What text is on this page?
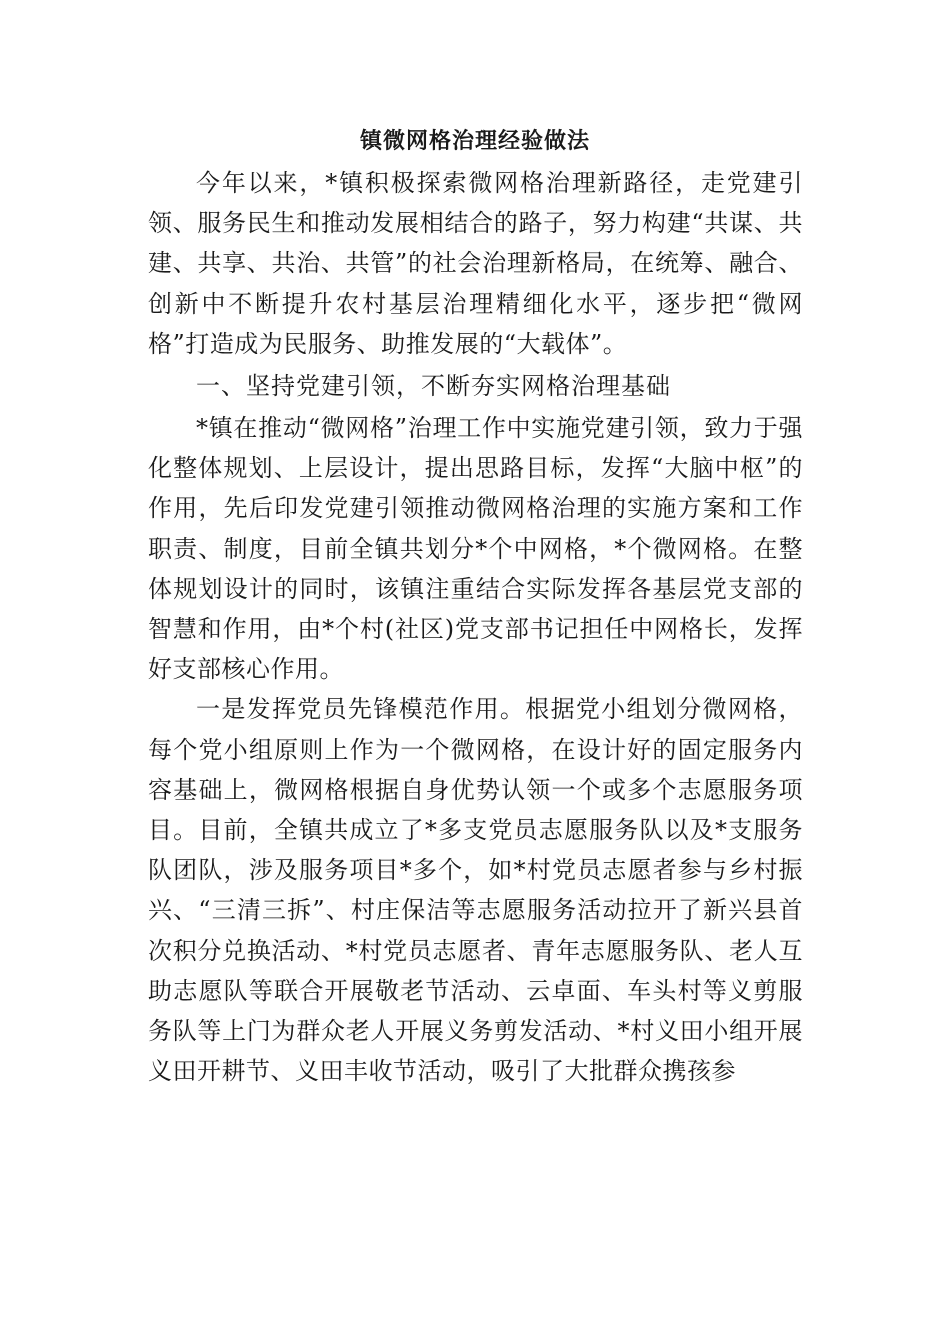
镇微网格治理经验做法

今年以来，*镇积极探索微网格治理新路径，走党建引领、服务民生和推动发展相结合的路子，努力构建“共谋、共建、共享、共治、共管”的社会治理新格局，在统筹、融合、创新中不断提升农村基层治理精细化水平，逐步把“微网格”打造成为民服务、助推发展的“大载体”。

一、坚持党建引领，不断夯实网格治理基础

*镇在推动“微网格”治理工作中实施党建引领，致力于强化整体规划、上层设计，提出思路目标，发挥“大脑中枢”的作用，先后印发党建引领推动微网格治理的实施方案和工作职责、制度，目前全镇共划分*个中网格，*个微网格。在整体规划设计的同时，该镇注重结合实际发挥各基层党支部的智慧和作用，由*个村(社区)党支部书记担任中网格长，发挥好支部核心作用。

一是发挥党员先锋模范作用。根据党小组划分微网格，每个党小组原则上作为一个微网格，在设计好的固定服务内容基础上，微网格根据自身优势认领一个或多个志愿服务项目。目前，全镇共成立了*多支党员志愿服务队以及*支服务队团队，涉及服务项目*多个，如*村党员志愿者参与乡村振兴、“三清三拆”、村庄保洁等志愿服务活动拉开了新兴县首次积分兑换活动、*村党员志愿者、青年志愿服务队、老人互助志愿队等联合开展敬老节活动、云卓面、车头村等义剪服务队等上门为群众老人开展义务剪发活动、*村义田小组开展义田开耕节、义田丰收节活动，吸引了大批群众携孩参
